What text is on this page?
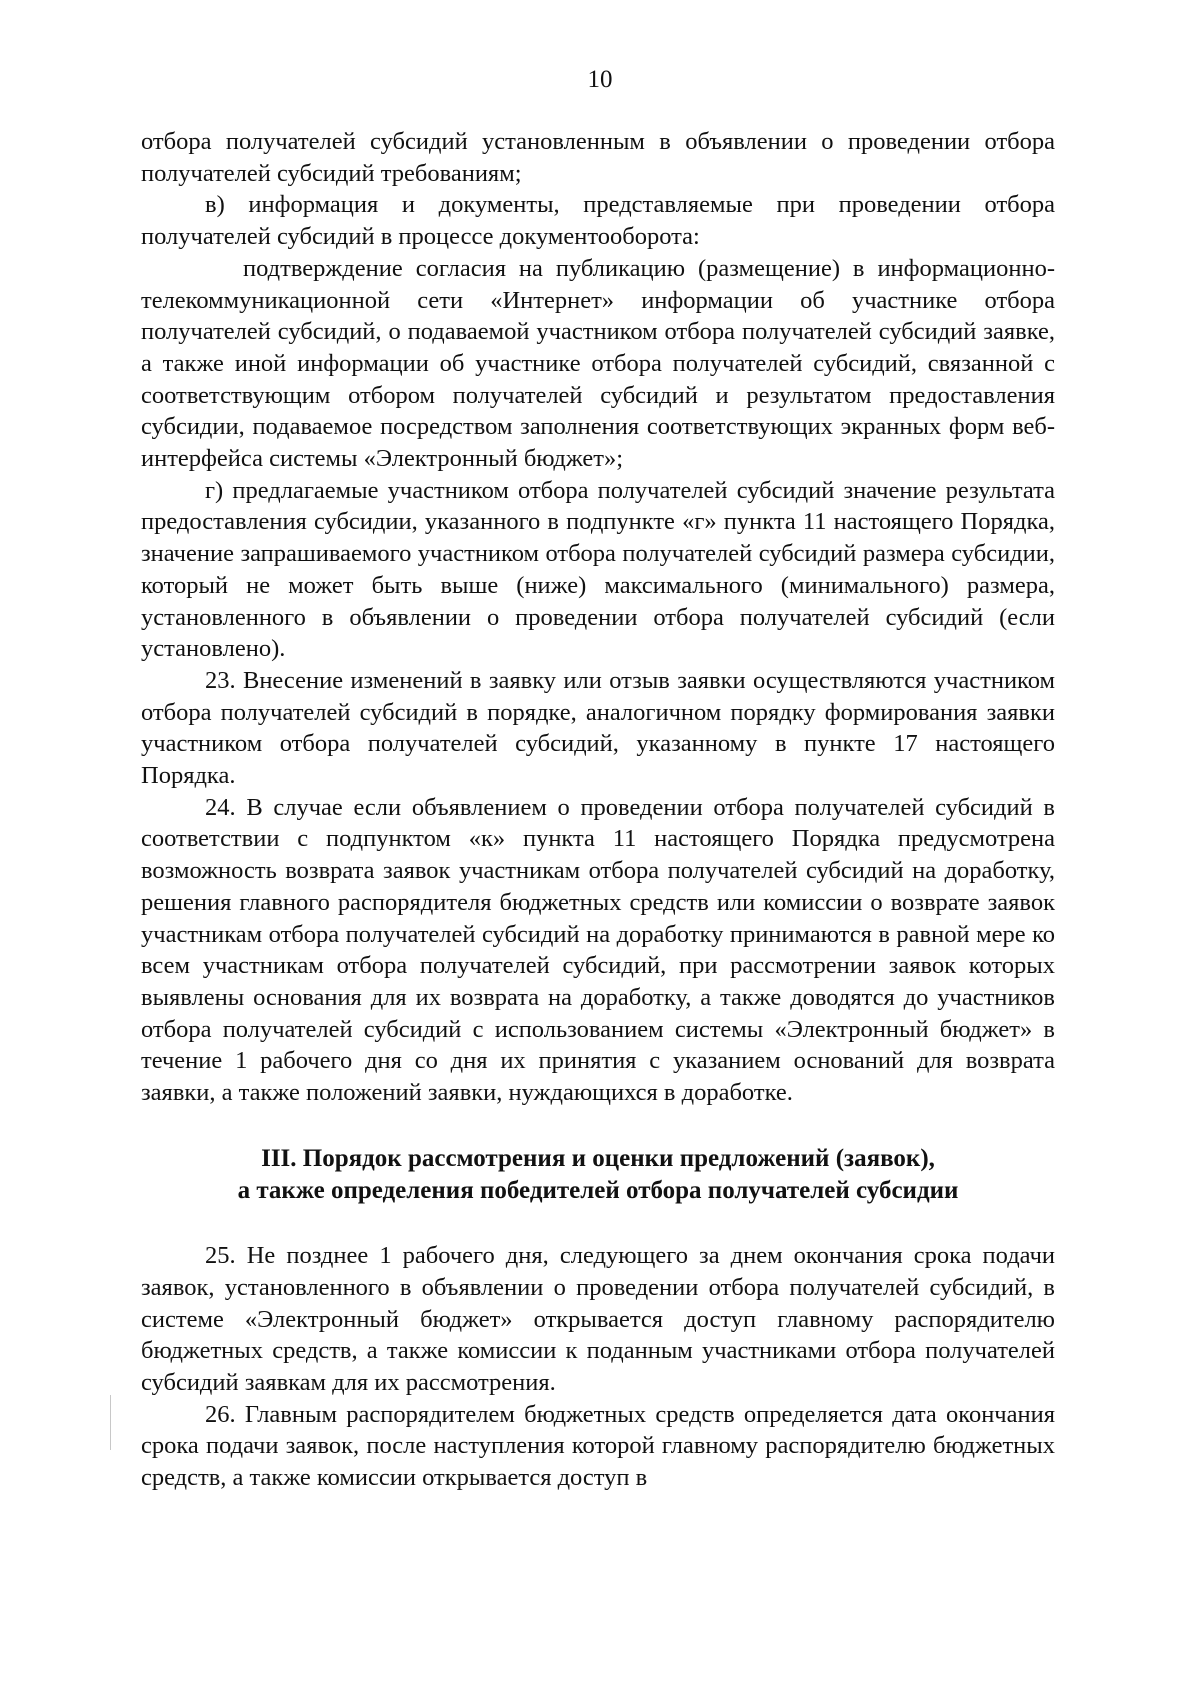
10

отбора получателей субсидий установленным в объявлении о проведении отбора получателей субсидий требованиям;

в) информация и документы, представляемые при проведении отбора получателей субсидий в процессе документооборота:

подтверждение согласия на публикацию (размещение) в информационно-телекоммуникационной сети «Интернет» информации об участнике отбора получателей субсидий, о подаваемой участником отбора получателей субсидий заявке, а также иной информации об участнике отбора получателей субсидий, связанной с соответствующим отбором получателей субсидий и результатом предоставления субсидии, подаваемое посредством заполнения соответствующих экранных форм веб-интерфейса системы «Электронный бюджет»;

г) предлагаемые участником отбора получателей субсидий значение результата предоставления субсидии, указанного в подпункте «г» пункта 11 настоящего Порядка, значение запрашиваемого участником отбора получателей субсидий размера субсидии, который не может быть выше (ниже) максимального (минимального) размера, установленного в объявлении о проведении отбора получателей субсидий (если установлено).

23. Внесение изменений в заявку или отзыв заявки осуществляются участником отбора получателей субсидий в порядке, аналогичном порядку формирования заявки участником отбора получателей субсидий, указанному в пункте 17 настоящего Порядка.

24. В случае если объявлением о проведении отбора получателей субсидий в соответствии с подпунктом «к» пункта 11 настоящего Порядка предусмотрена возможность возврата заявок участникам отбора получателей субсидий на доработку, решения главного распорядителя бюджетных средств или комиссии о возврате заявок участникам отбора получателей субсидий на доработку принимаются в равной мере ко всем участникам отбора получателей субсидий, при рассмотрении заявок которых выявлены основания для их возврата на доработку, а также доводятся до участников отбора получателей субсидий с использованием системы «Электронный бюджет» в течение 1 рабочего дня со дня их принятия с указанием оснований для возврата заявки, а также положений заявки, нуждающихся в доработке.

III. Порядок рассмотрения и оценки предложений (заявок),
а также определения победителей отбора получателей субсидии

25. Не позднее 1 рабочего дня, следующего за днем окончания срока подачи заявок, установленного в объявлении о проведении отбора получателей субсидий, в системе «Электронный бюджет» открывается доступ главному распорядителю бюджетных средств, а также комиссии к поданным участниками отбора получателей субсидий заявкам для их рассмотрения.

26. Главным распорядителем бюджетных средств определяется дата окончания срока подачи заявок, после наступления которой главному распорядителю бюджетных средств, а также комиссии открывается доступ в
